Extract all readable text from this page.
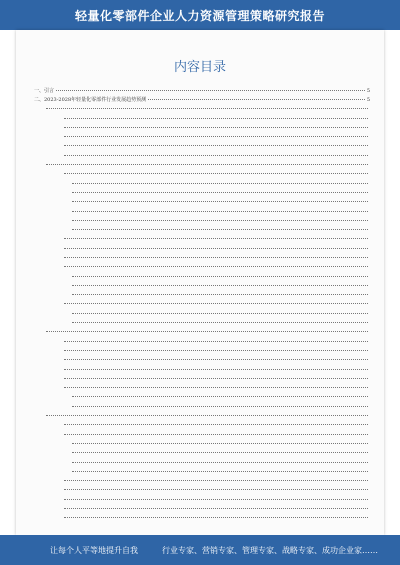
轻量化零部件企业人力资源管理策略研究报告
内容目录
一、引言	5
二、2023-2028年轻量化零部件行业发展趋势预测	5
让每个人平等地提升自我	行业专家、营销专家、管理专家、战略专家、成功企业家……
